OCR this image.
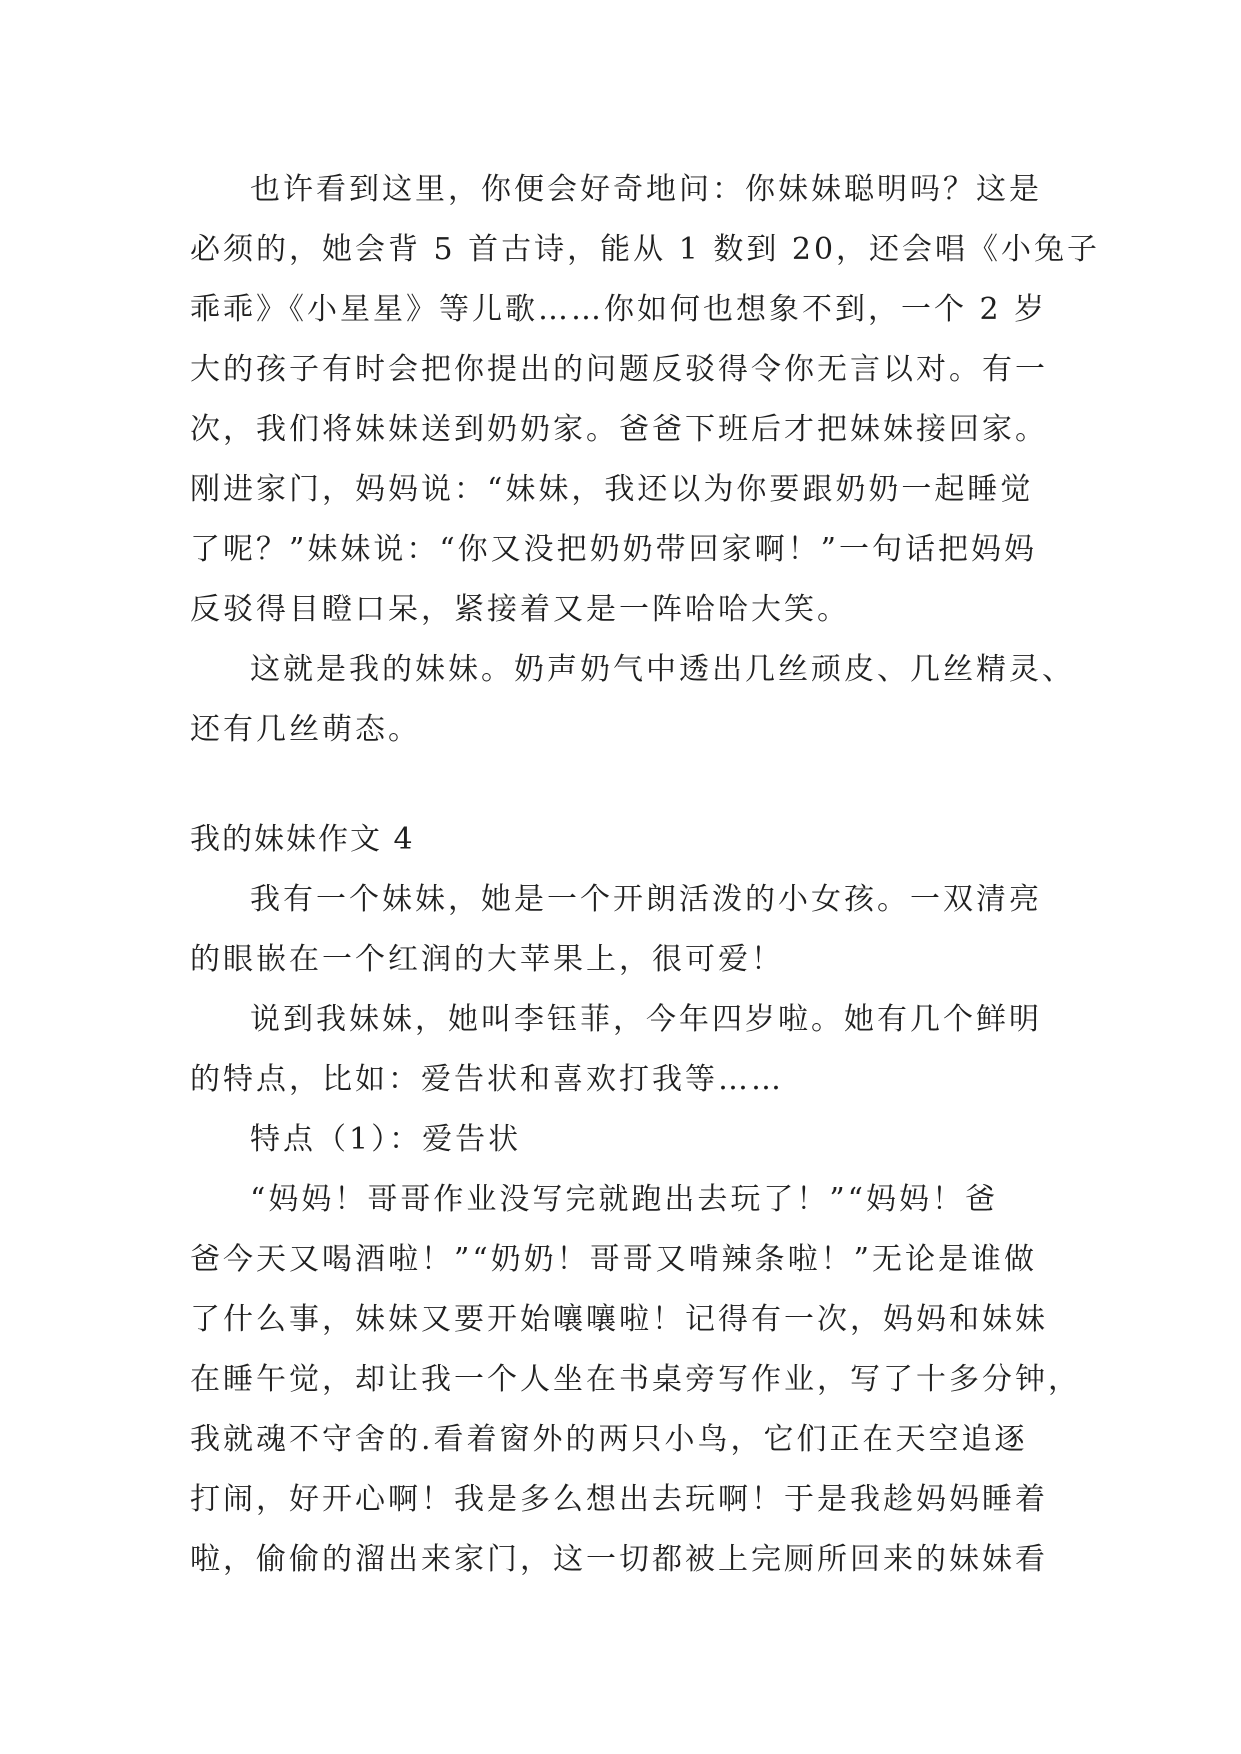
也许看到这里，你便会好奇地问：你妹妹聪明吗？这是
必须的，她会背 5 首古诗，能从 1 数到 20，还会唱《小兔子
乖乖》《小星星》等儿歌……你如何也想象不到，一个 2 岁
大的孩子有时会把你提出的问题反驳得令你无言以对。有一
次，我们将妹妹送到奶奶家。爸爸下班后才把妹妹接回家。
刚进家门，妈妈说：“妹妹，我还以为你要跟奶奶一起睡觉
了呢？”妹妹说：“你又没把奶奶带回家啊！”一句话把妈妈
反驳得目瞪口呆，紧接着又是一阵哈哈大笑。
这就是我的妹妹。奶声奶气中透出几丝顽皮、几丝精灵、
还有几丝萌态。
我的妹妹作文 4
我有一个妹妹，她是一个开朗活泼的小女孩。一双清亮
的眼嵌在一个红润的大苹果上，很可爱！
说到我妹妹，她叫李钰菲，今年四岁啦。她有几个鲜明
的特点，比如：爱告状和喜欢打我等……
特点（1）：爱告状
“妈妈！哥哥作业没写完就跑出去玩了！”“妈妈！爸
爸今天又喝酒啦！”“奶奶！哥哥又啃辣条啦！”无论是谁做
了什么事，妹妹又要开始嚷嚷啦！记得有一次，妈妈和妹妹
在睡午觉，却让我一个人坐在书桌旁写作业，写了十多分钟，
我就魂不守舍的.看着窗外的两只小鸟，它们正在天空追逐
打闹，好开心啊！我是多么想出去玩啊！于是我趁妈妈睡着
啦，偷偷的溜出来家门，这一切都被上完厕所回来的妹妹看
